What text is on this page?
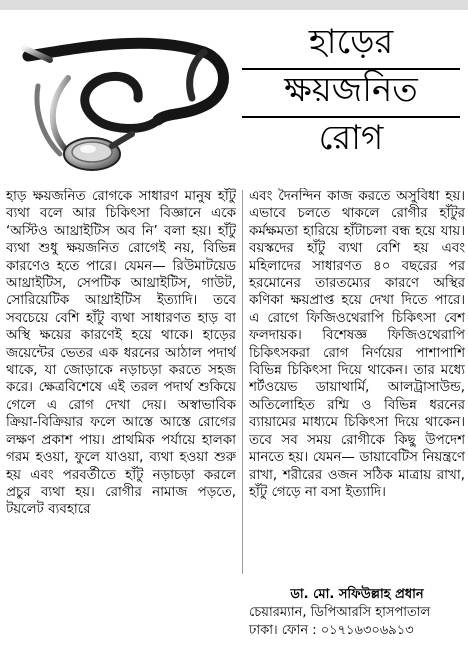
হাড়ের
ক্ষয়জনিত
রোগ
হাড় ক্ষয়জনিত রোগকে সাধারণ মানুষ হাঁটু ব্যথা বলে আর চিকিৎসা বিজ্ঞানে একে ‘অস্টিও আথ্রাইটিস অব নি’ বলা হয়। হাঁটু ব্যথা শুধু ক্ষয়জনিত রোগেই নয়, বিভিন্ন কারণেও হতে পারে। যেমন— রিউমাটয়েড আথ্রাইটিস, সেপটিক আথ্রাইটিস, গাউট, সোরিয়েটিক আথ্রাইটিস ইত্যাদি। তবে সবচেয়ে বেশি হাঁটু ব্যথা সাধারণত হাড় বা অস্থি ক্ষয়ের কারণেই হয়ে থাকে। হাড়ের জয়েন্টের ভেতর এক ধরনের আঠাল পদার্থ থাকে, যা জোড়াকে নড়াচড়া করতে সহজ করে। ক্ষেত্রবিশেষে এই তরল পদার্থ শুকিয়ে গেলে এ রোগ দেখা দেয়। অস্বাভাবিক ক্রিয়া-বিক্রিয়ার ফলে আস্তে আস্তে রোগের লক্ষণ প্রকাশ পায়। প্রাথমিক পর্যায়ে হালকা গরম হওয়া, ফুলে যাওয়া, ব্যথা হওয়া শুরু হয় এবং পরবর্তীতে হাঁটু নড়াচড়া করলে প্রচুর ব্যথা হয়। রোগীর নামাজ পড়তে, টয়লেট ব্যবহারে
এবং দৈনন্দিন কাজ করতে অসুবিধা হয়। এভাবে চলতে থাকলে রোগীর হাঁটুর কর্মক্ষমতা হারিয়ে হাঁটাচলা বন্ধ হয়ে যায়। বয়স্কদের হাঁটু ব্যথা বেশি হয় এবং মহিলাদের সাধারণত ৪০ বছরের পর হরমোনের তারতম্যের কারণে অস্থির কণিকা ক্ষয়প্রাপ্ত হয়ে দেখা দিতে পারে। এ রোগে ফিজিওথেরাপি চিকিৎসা বেশ ফলদায়ক। বিশেষজ্ঞ ফিজিওথেরাপি চিকিৎসকরা রোগ নির্ণয়ের পাশাপাশি বিভিন্ন চিকিৎসা দিয়ে থাকেন। তার মধ্যে শর্টওয়েভ ডায়াথার্মি, আলট্রাসাউন্ড, অতিলোহিত রশ্মি ও বিভিন্ন ধরনের ব্যায়ামের মাধ্যমে চিকিৎসা দিয়ে থাকেন। তবে সব সময় রোগীকে কিছু উপদেশ মানতে হয়। যেমন— ডায়াবেটিস নিয়ন্ত্রণে রাখা, শরীরের ওজন সঠিক মাত্রায় রাখা, হাঁটু গেড়ে না বসা ইত্যাদি।
ডা. মো. সফিউল্লাহ প্রধান
চেয়ারম্যান, ডিপিআরসি হাসপাতাল
ঢাকা। ফোন : ০১৭১৬৩০৬৯১৩
